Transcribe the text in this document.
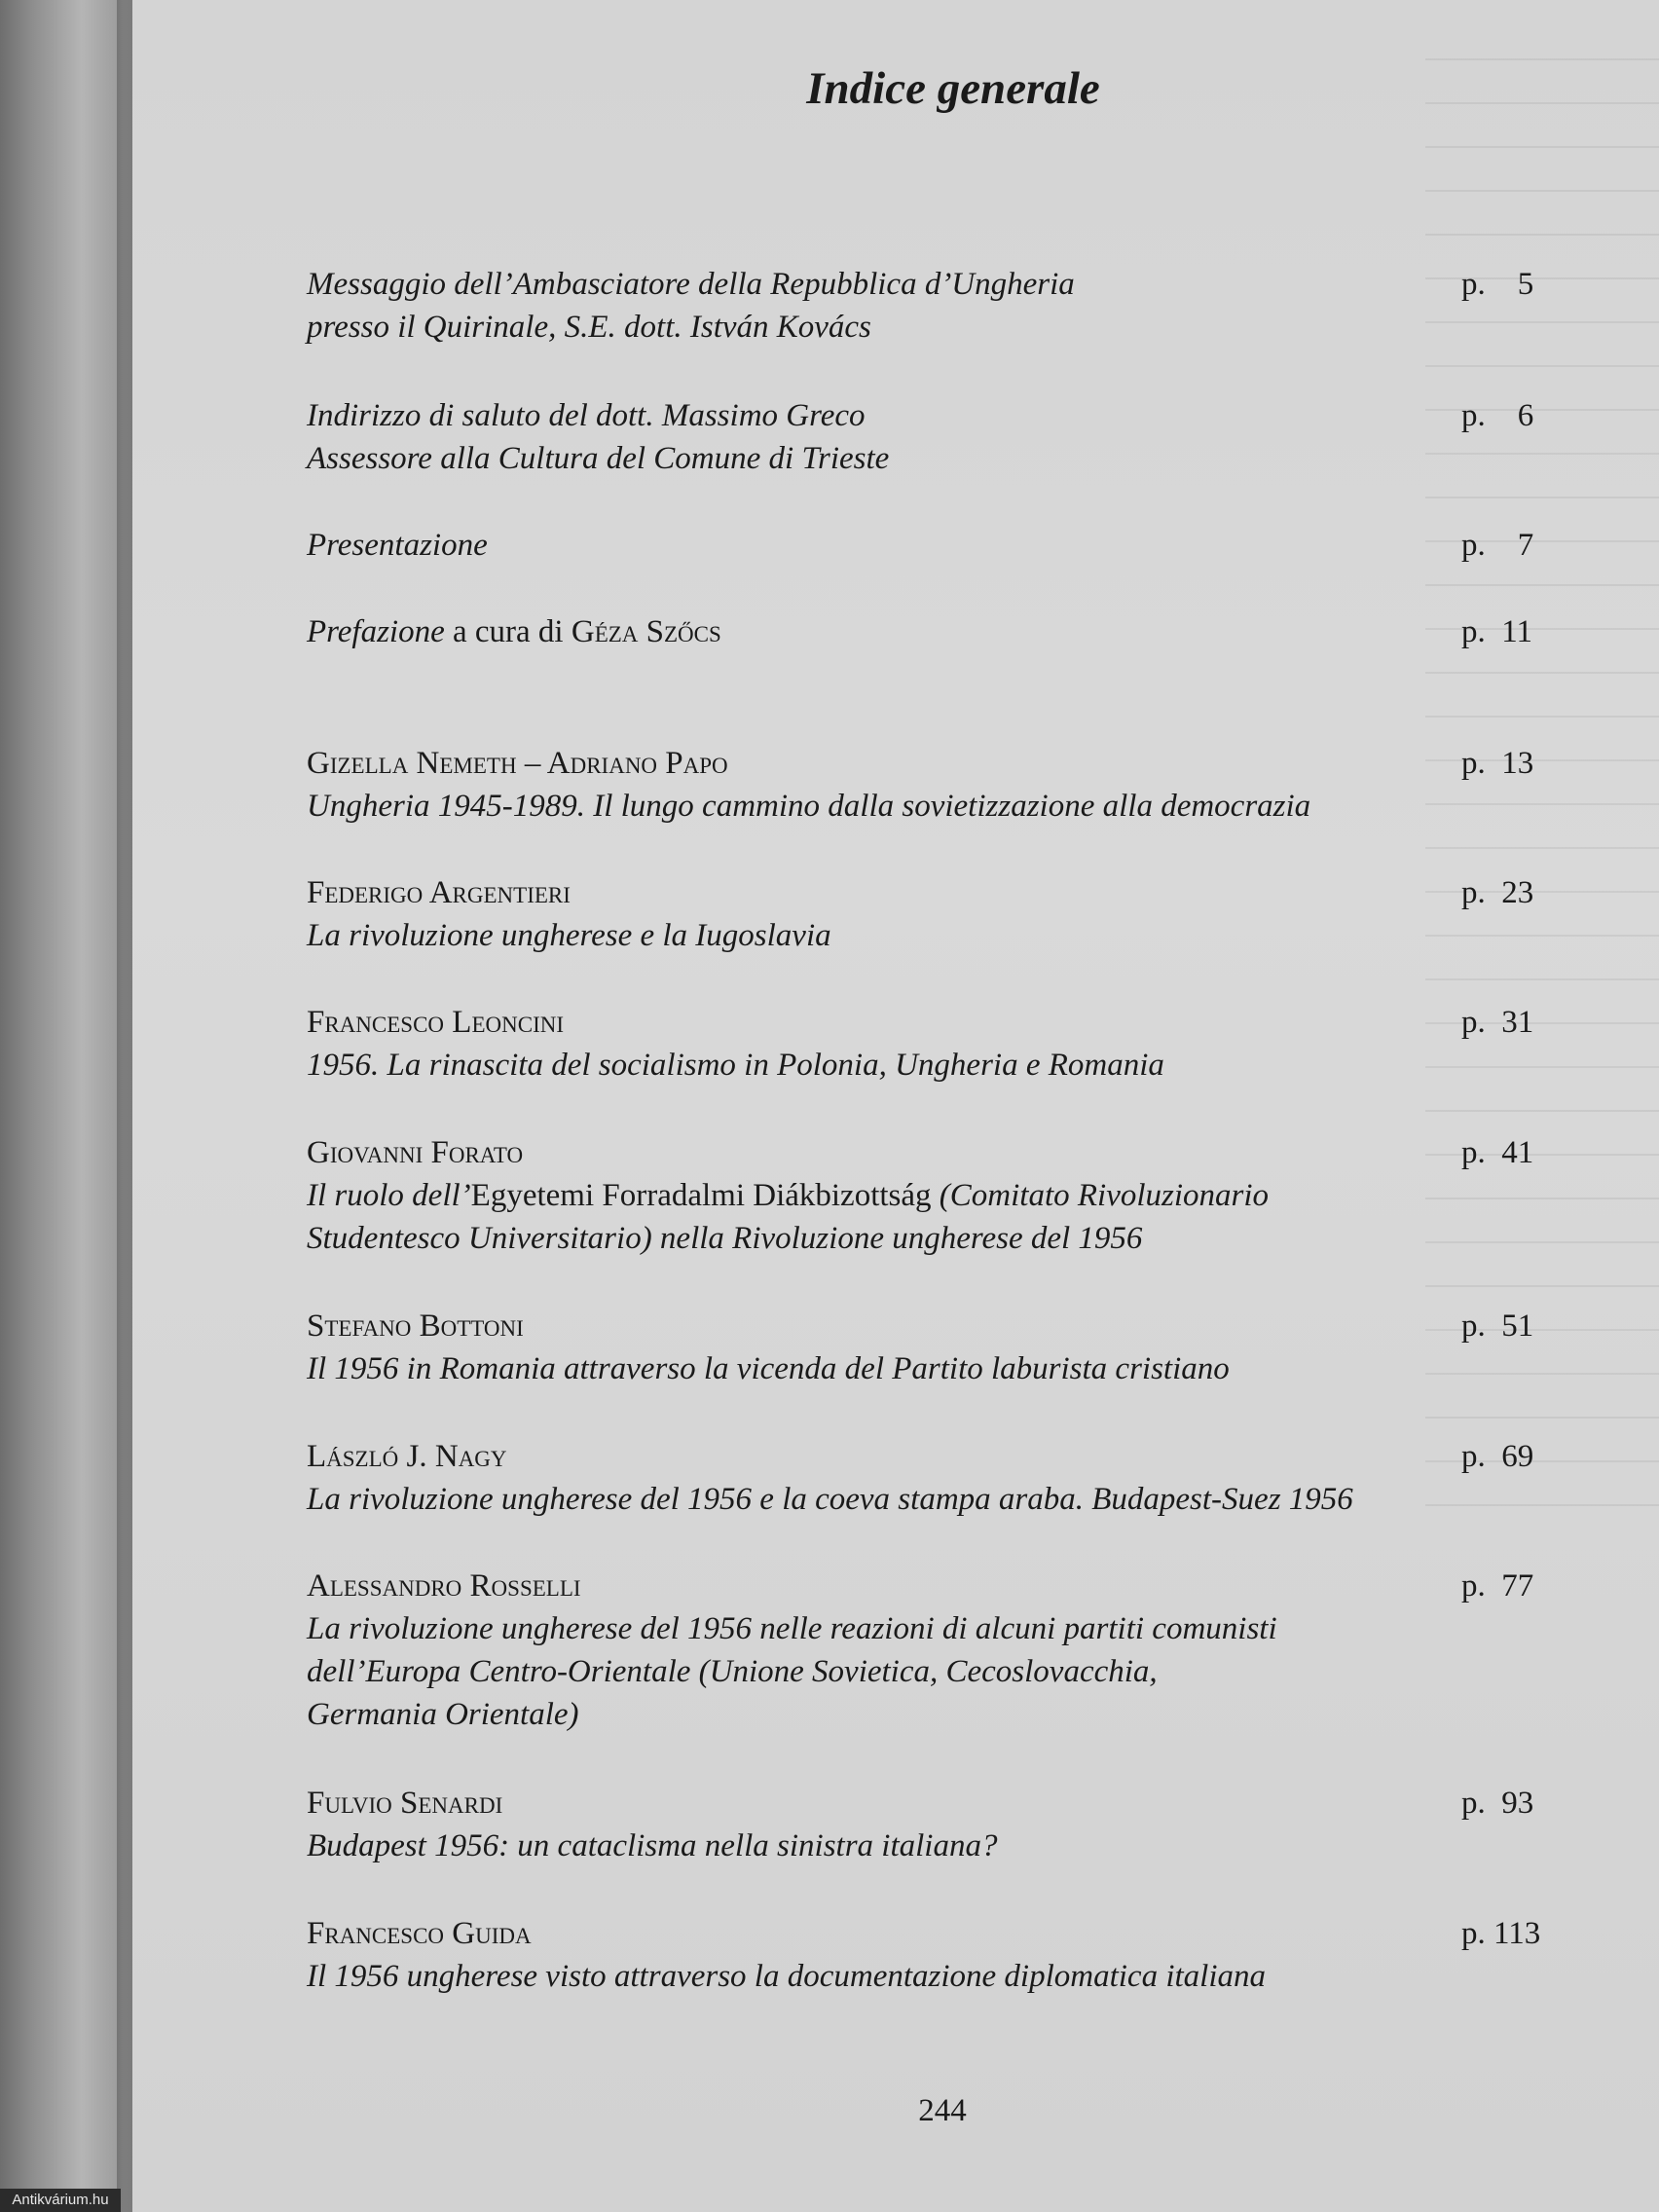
Indice generale
Messaggio dell’Ambasciatore della Repubblica d’Ungheria
presso il Quirinale, S.E. dott. István Kovács
p.    5
Indirizzo di saluto del dott. Massimo Greco
Assessore alla Cultura del Comune di Trieste
p.    6
Presentazione	p.    7
Prefazione a cura di Géza Szőcs	p.  11
Gizella Nemeth – Adriano Papo
Ungheria 1945-1989. Il lungo cammino dalla sovietizzazione alla democrazia
p.  13
Federigo Argentieri
La rivoluzione ungherese e la Iugoslavia
p.  23
Francesco Leoncini
1956. La rinascita del socialismo in Polonia, Ungheria e Romania
p.  31
Giovanni Forato
Il ruolo dell’Egyetemi Forradalmi Diákbizottság (Comitato Rivoluzionario
Studentesco Universitario) nella Rivoluzione ungherese del 1956
p.  41
Stefano Bottoni
Il 1956 in Romania attraverso la vicenda del Partito laburista cristiano
p.  51
László J. Nagy
La rivoluzione ungherese del 1956 e la coeva stampa araba. Budapest-Suez 1956
p.  69
Alessandro Rosselli
La rivoluzione ungherese del 1956 nelle reazioni di alcuni partiti comunisti
dell’Europa Centro-Orientale (Unione Sovietica, Cecoslovacchia,
Germania Orientale)
p.  77
Fulvio Senardi
Budapest 1956: un cataclisma nella sinistra italiana?
p.  93
Francesco Guida
Il 1956 ungherese visto attraverso la documentazione diplomatica italiana
p. 113
244
Antikvárium.hu
